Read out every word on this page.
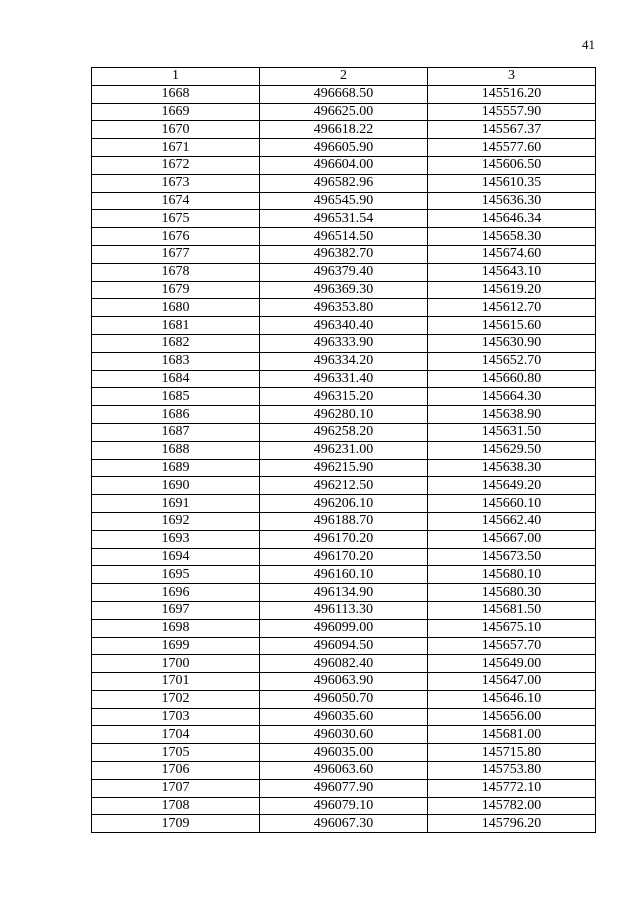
41
1	2	3
1668	496668.50	145516.20
1669	496625.00	145557.90
1670	496618.22	145567.37
1671	496605.90	145577.60
1672	496604.00	145606.50
1673	496582.96	145610.35
1674	496545.90	145636.30
1675	496531.54	145646.34
1676	496514.50	145658.30
1677	496382.70	145674.60
1678	496379.40	145643.10
1679	496369.30	145619.20
1680	496353.80	145612.70
1681	496340.40	145615.60
1682	496333.90	145630.90
1683	496334.20	145652.70
1684	496331.40	145660.80
1685	496315.20	145664.30
1686	496280.10	145638.90
1687	496258.20	145631.50
1688	496231.00	145629.50
1689	496215.90	145638.30
1690	496212.50	145649.20
1691	496206.10	145660.10
1692	496188.70	145662.40
1693	496170.20	145667.00
1694	496170.20	145673.50
1695	496160.10	145680.10
1696	496134.90	145680.30
1697	496113.30	145681.50
1698	496099.00	145675.10
1699	496094.50	145657.70
1700	496082.40	145649.00
1701	496063.90	145647.00
1702	496050.70	145646.10
1703	496035.60	145656.00
1704	496030.60	145681.00
1705	496035.00	145715.80
1706	496063.60	145753.80
1707	496077.90	145772.10
1708	496079.10	145782.00
1709	496067.30	145796.20
